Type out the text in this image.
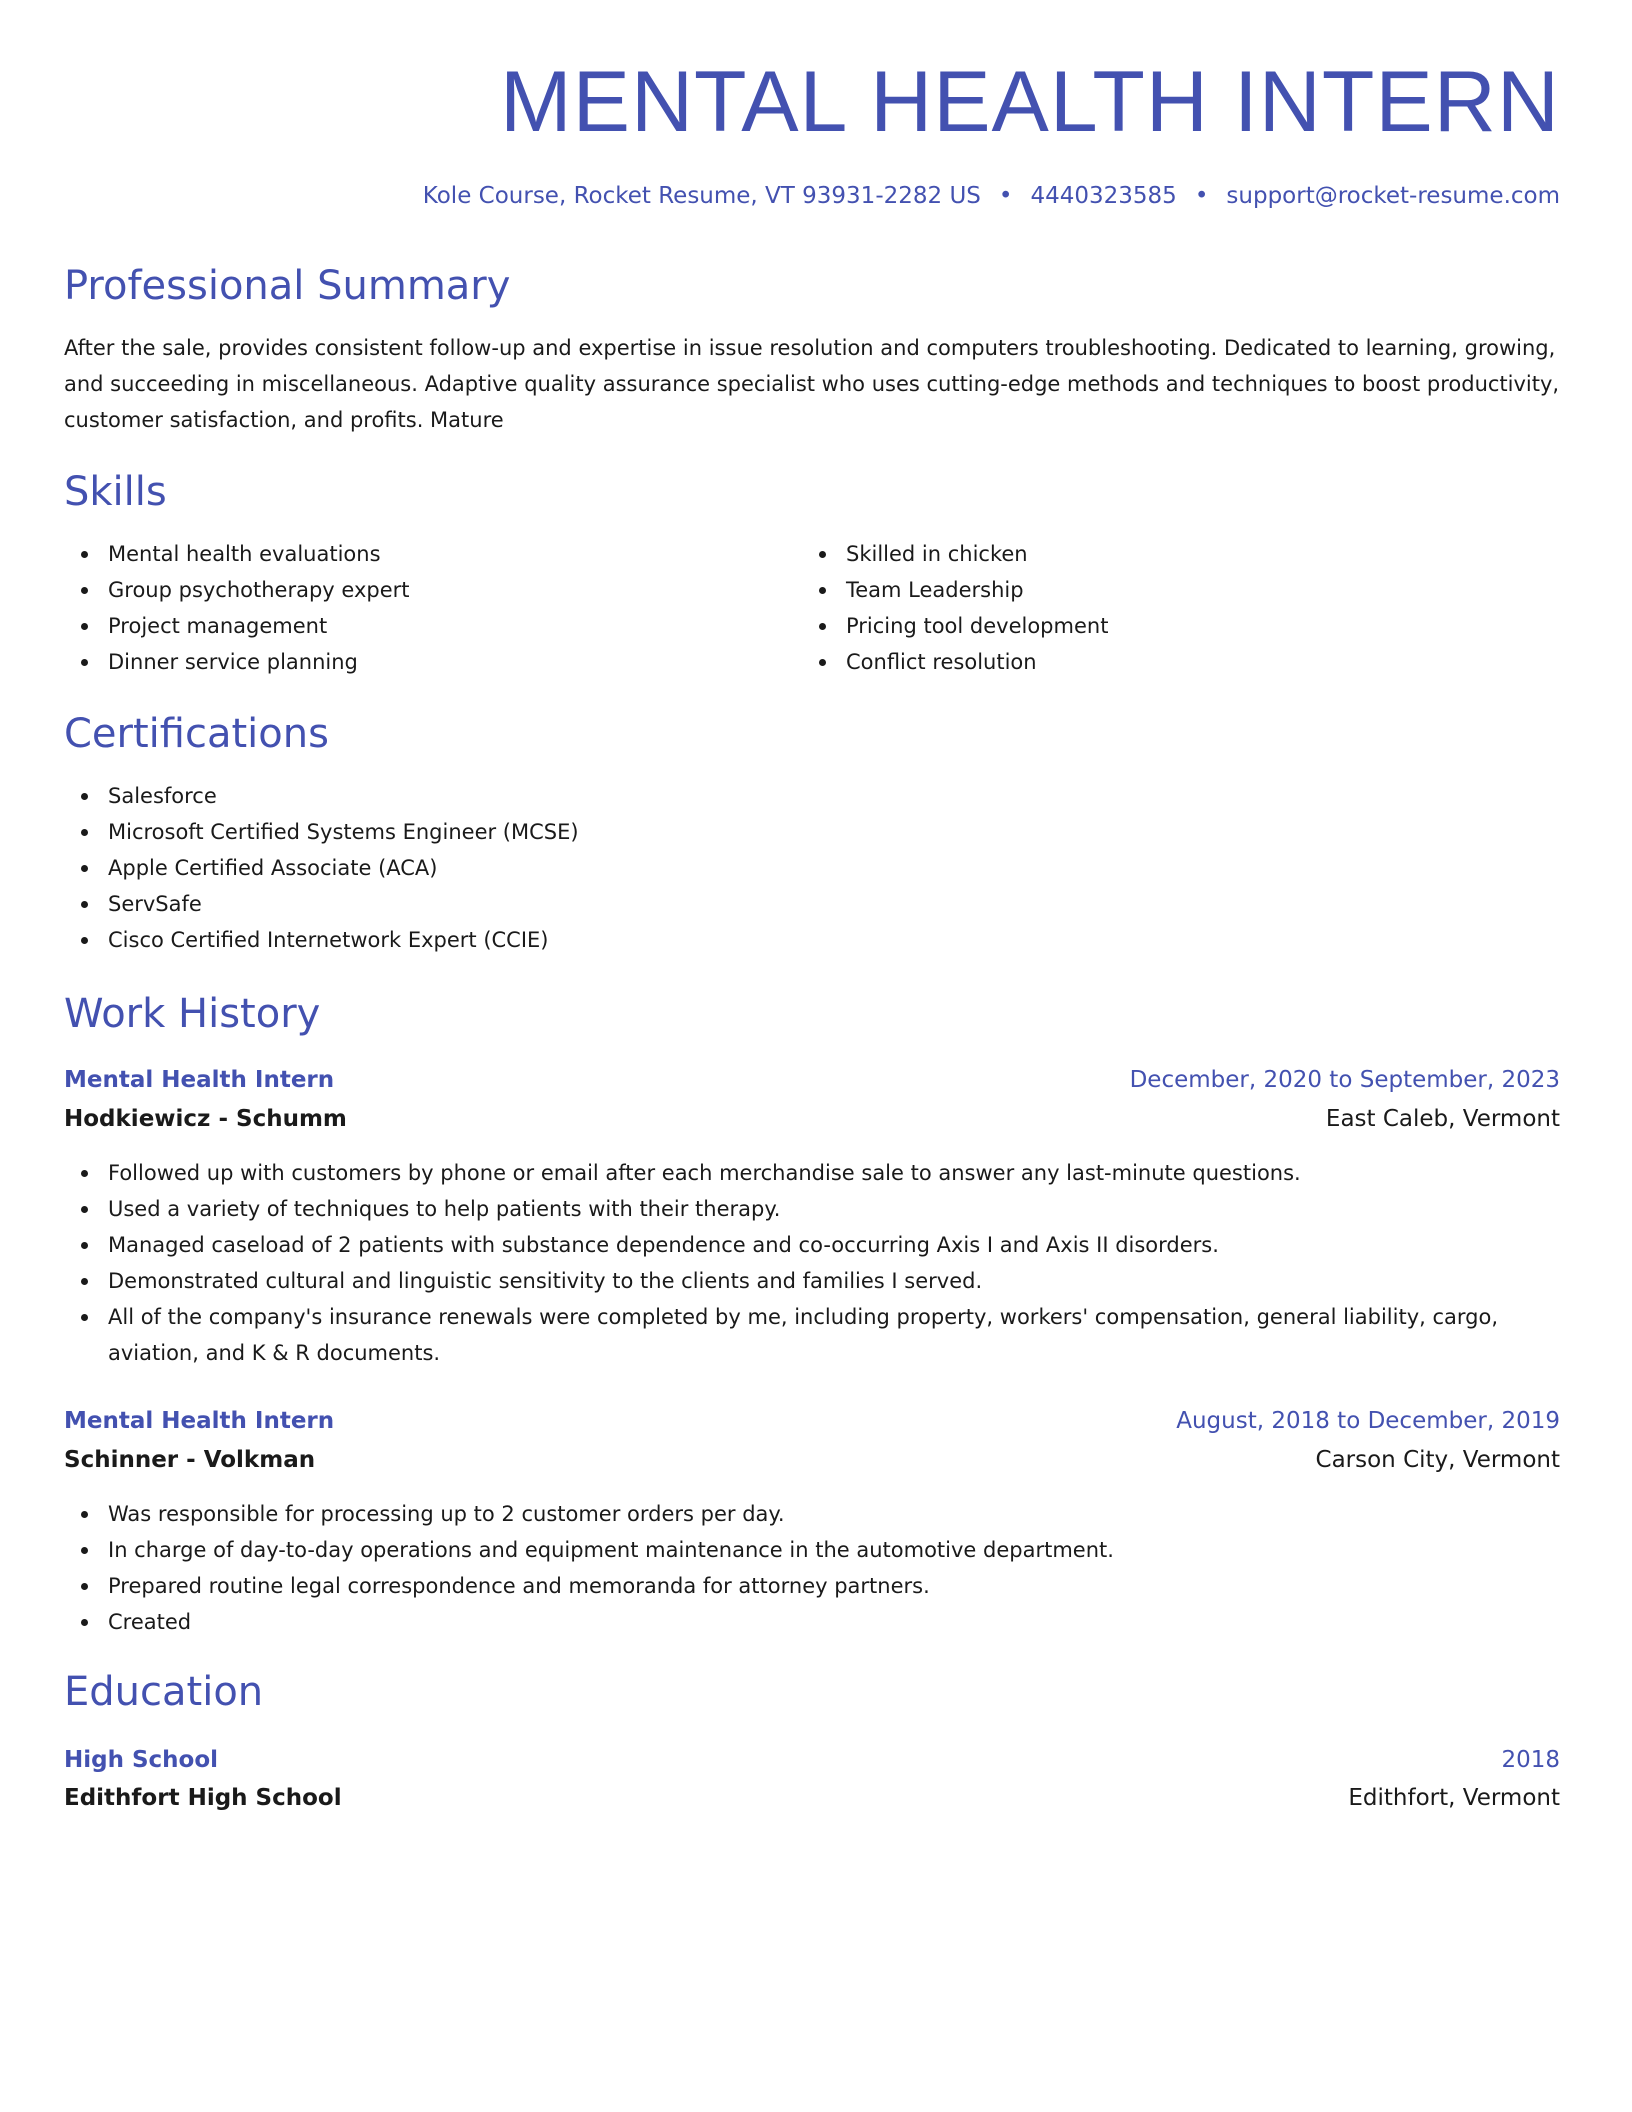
MENTAL HEALTH INTERN
Kole Course, Rocket Resume, VT 93931-2282 US • 4440323585 • support@rocket-resume.com
Professional Summary
After the sale, provides consistent follow-up and expertise in issue resolution and computers troubleshooting. Dedicated to learning, growing, and succeeding in miscellaneous. Adaptive quality assurance specialist who uses cutting-edge methods and techniques to boost productivity, customer satisfaction, and profits. Mature
Skills
Mental health evaluations
Group psychotherapy expert
Project management
Dinner service planning
Skilled in chicken
Team Leadership
Pricing tool development
Conflict resolution
Certifications
Salesforce
Microsoft Certified Systems Engineer (MCSE)
Apple Certified Associate (ACA)
ServSafe
Cisco Certified Internetwork Expert (CCIE)
Work History
Mental Health Intern	December, 2020 to September, 2023
Hodkiewicz - Schumm	East Caleb, Vermont
Followed up with customers by phone or email after each merchandise sale to answer any last-minute questions.
Used a variety of techniques to help patients with their therapy.
Managed caseload of 2 patients with substance dependence and co-occurring Axis I and Axis II disorders.
Demonstrated cultural and linguistic sensitivity to the clients and families I served.
All of the company's insurance renewals were completed by me, including property, workers' compensation, general liability, cargo, aviation, and K & R documents.
Mental Health Intern	August, 2018 to December, 2019
Schinner - Volkman	Carson City, Vermont
Was responsible for processing up to 2 customer orders per day.
In charge of day-to-day operations and equipment maintenance in the automotive department.
Prepared routine legal correspondence and memoranda for attorney partners.
Created
Education
High School	2018
Edithfort High School	Edithfort, Vermont
